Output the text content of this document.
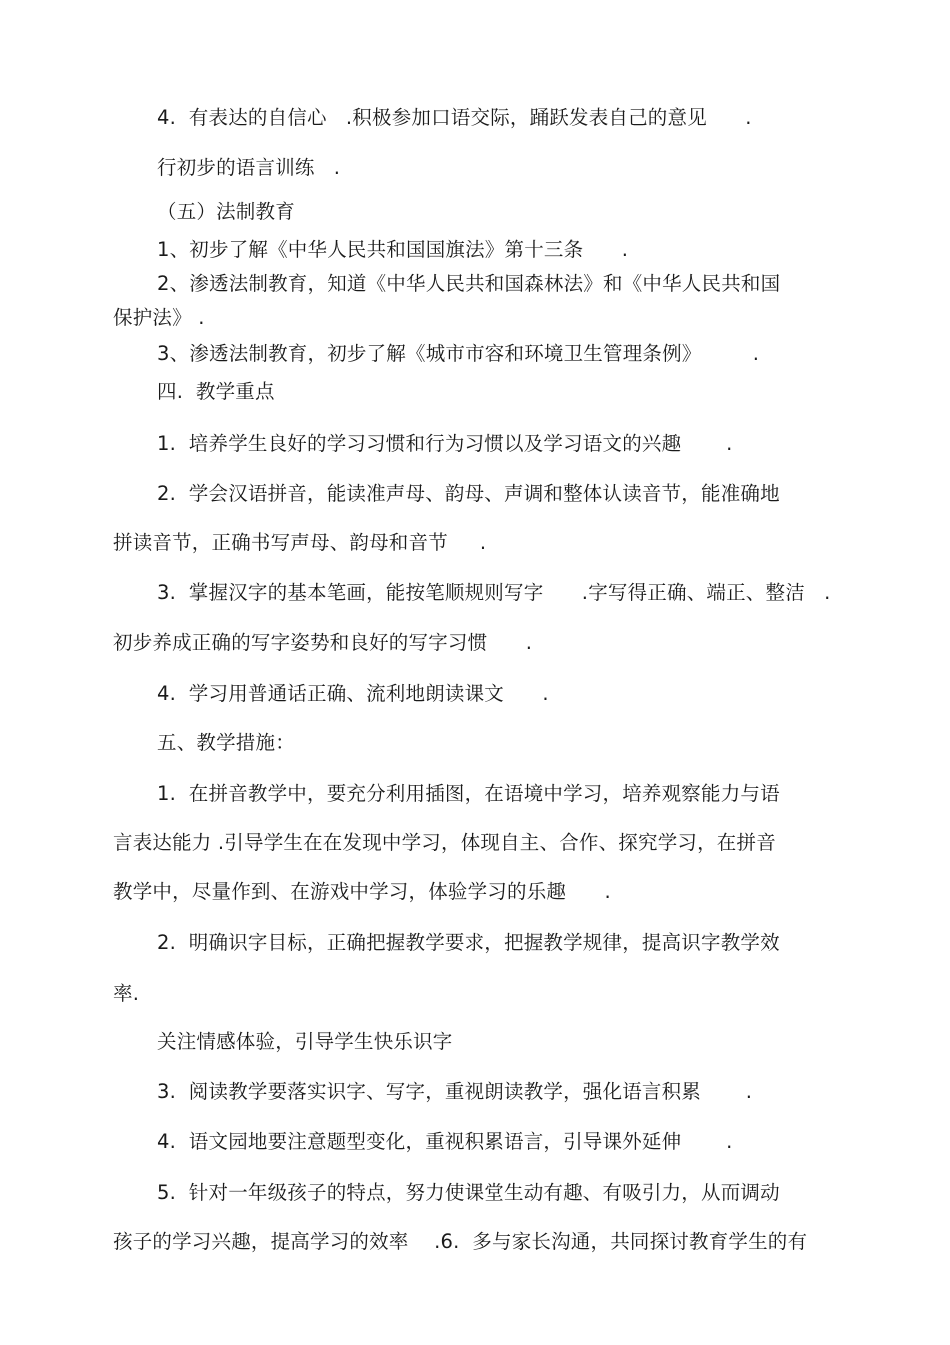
4.  有表达的自信心   .积极参加口语交际，踊跃发表自己的意见      .
行初步的语言训练   .
（五）法制教育
1、初步了解《中华人民共和国国旗法》第十三条      .
2、渗透法制教育，知道《中华人民共和国森林法》和《中华人民共和国
保护法》 .
3、渗透法制教育，初步了解《城市市容和环境卫生管理条例》        .
四.  教学重点
1.  培养学生良好的学习习惯和行为习惯以及学习语文的兴趣       .
2.  学会汉语拼音，能读准声母、韵母、声调和整体认读音节，能准确地
拼读音节，正确书写声母、韵母和音节     .
3.  掌握汉字的基本笔画，能按笔顺规则写字      .字写得正确、端正、整洁   .
初步养成正确的写字姿势和良好的写字习惯      .
4.  学习用普通话正确、流利地朗读课文      .
五、教学措施：
1.  在拼音教学中，要充分利用插图，在语境中学习，培养观察能力与语
言表达能力 .引导学生在在发现中学习，体现自主、合作、探究学习，在拼音
教学中，尽量作到、在游戏中学习，体验学习的乐趣      .
2.  明确识字目标，正确把握教学要求，把握教学规律，提高识字教学效
率.
关注情感体验，引导学生快乐识字
3.  阅读教学要落实识字、写字，重视朗读教学，强化语言积累       .
4.  语文园地要注意题型变化，重视积累语言，引导课外延伸       .
5.  针对一年级孩子的特点，努力使课堂生动有趣、有吸引力，从而调动
孩子的学习兴趣，提高学习的效率    .6.  多与家长沟通，共同探讨教育学生的有
